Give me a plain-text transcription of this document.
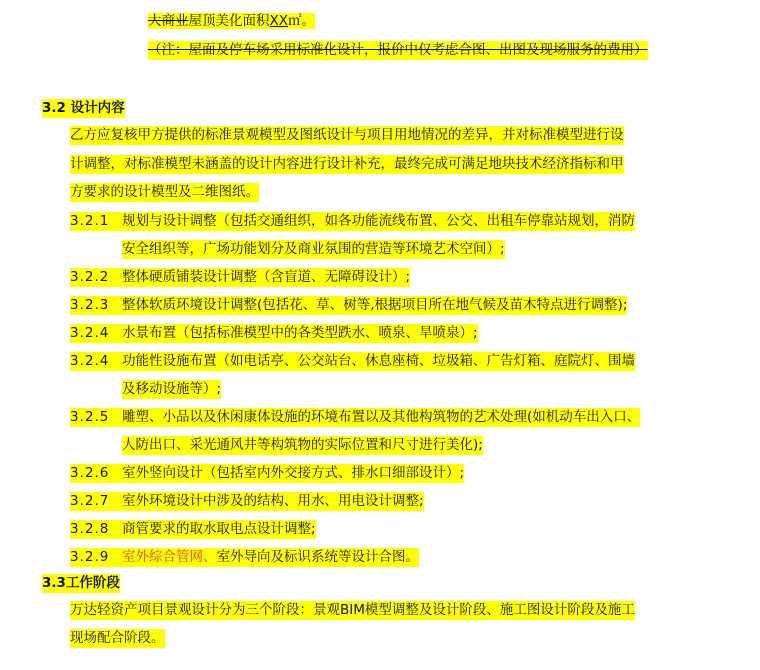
大商业屋顶美化面积XX㎡。
（注：屋面及停车场采用标准化设计，报价中仅考虑合图、出图及现场服务的费用）
3.2 设计内容
乙方应复核甲方提供的标准景观模型及图纸设计与项目用地情况的差异，并对标准模型进行设
计调整，对标准模型未涵盖的设计内容进行设计补充，最终完成可满足地块技术经济指标和甲
方要求的设计模型及二维图纸。
3.2.1 规划与设计调整（包括交通组织，如各功能流线布置、公交、出租车停靠站规划，消防
安全组织等，广场功能划分及商业氛围的营造等环境艺术空间）;
3.2.2 整体硬质铺装设计调整（含盲道、无障碍设计）;
3.2.3 整体软质环境设计调整(包括花、草、树等,根据项目所在地气候及苗木特点进行调整);
3.2.4 水景布置（包括标准模型中的各类型跌水、喷泉、旱喷泉）;
3.2.4 功能性设施布置（如电话亭、公交站台、休息座椅、垃圾箱、广告灯箱、庭院灯、围墙
及移动设施等）;
3.2.5 雕塑、小品以及休闲康体设施的环境布置以及其他构筑物的艺术处理(如机动车出入口、
人防出口、采光通风井等构筑物的实际位置和尺寸进行美化);
3.2.6 室外竖向设计（包括室内外交接方式、排水口细部设计）;
3.2.7 室外环境设计中涉及的结构、用水、用电设计调整;
3.2.8 商管要求的取水取电点设计调整;
3.2.9 室外综合管网、室外导向及标识系统等设计合图。
3.3工作阶段
万达轻资产项目景观设计分为三个阶段：景观BIM模型调整及设计阶段、施工图设计阶段及施工
现场配合阶段。
